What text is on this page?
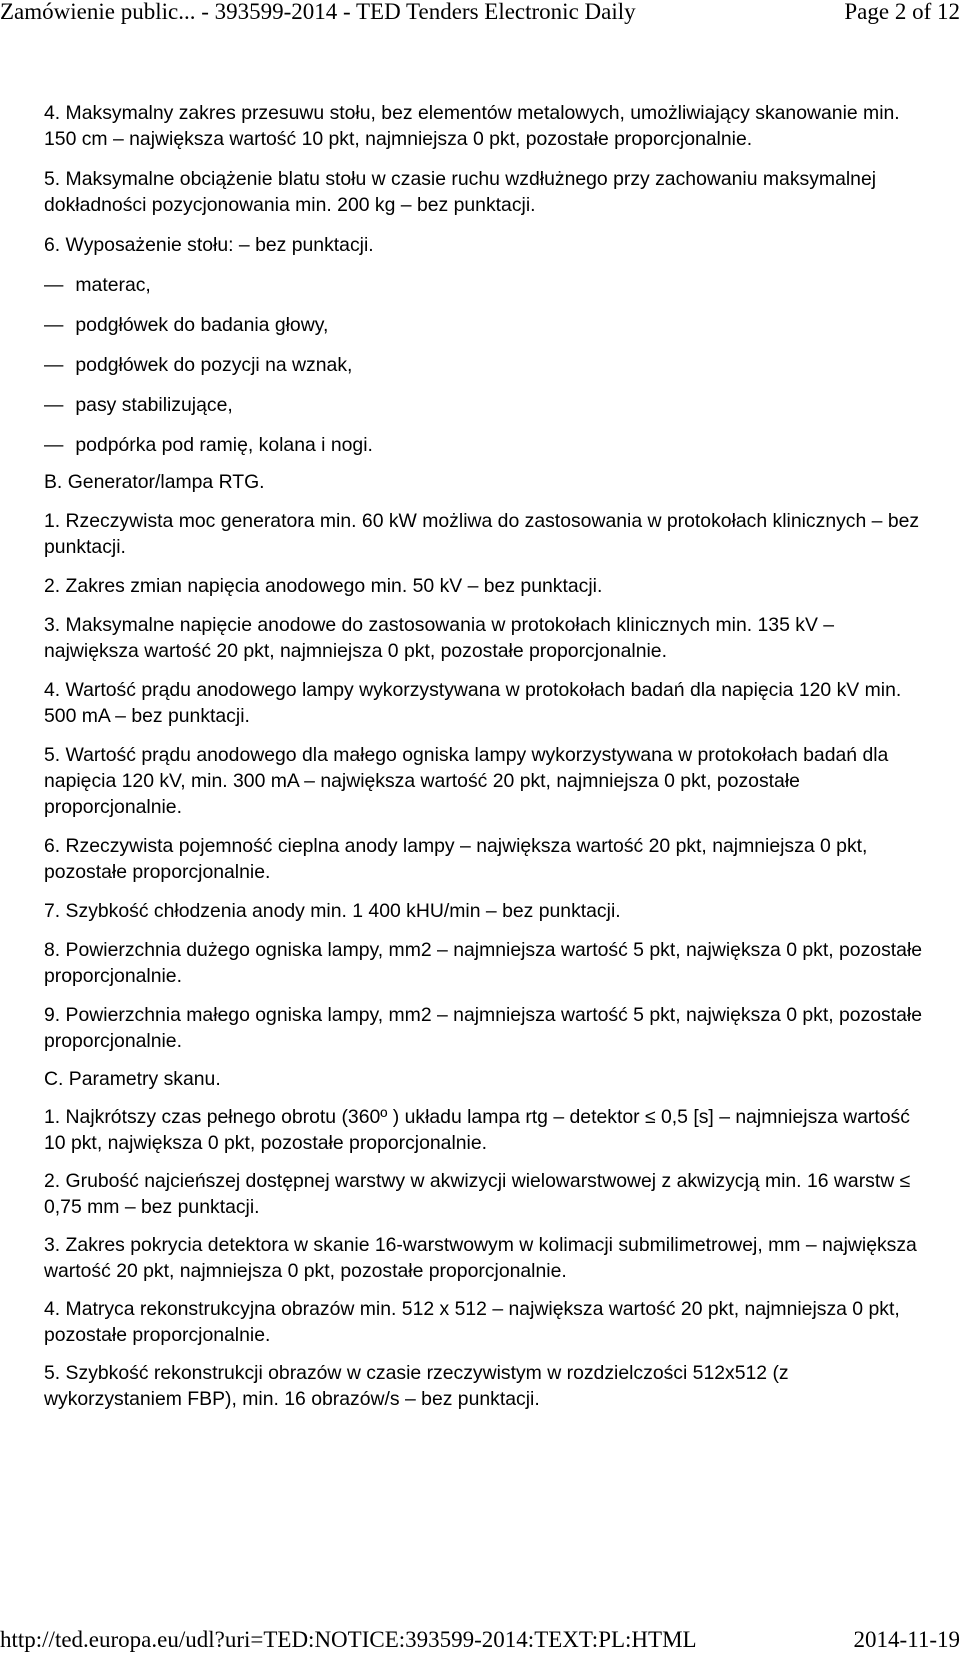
Zamówienie public... - 393599-2014 - TED Tenders Electronic Daily	Page 2 of 12

4. Maksymalny zakres przesuwu stołu, bez elementów metalowych, umożliwiający skanowanie min. 150 cm – największa wartość 10 pkt, najmniejsza 0 pkt, pozostałe proporcjonalnie.

5. Maksymalne obciążenie blatu stołu w czasie ruchu wzdłużnego przy zachowaniu maksymalnej dokładności pozycjonowania min. 200 kg – bez punktacji.

6. Wyposażenie stołu: – bez punktacji.

— materac,
— podgłówek do badania głowy,
— podgłówek do pozycji na wznak,
— pasy stabilizujące,
— podpórka pod ramię, kolana i nogi.

B. Generator/lampa RTG.

1. Rzeczywista moc generatora min. 60 kW możliwa do zastosowania w protokołach klinicznych – bez punktacji.

2. Zakres zmian napięcia anodowego min. 50 kV – bez punktacji.

3. Maksymalne napięcie anodowe do zastosowania w protokołach klinicznych min. 135 kV – największa wartość 20 pkt, najmniejsza 0 pkt, pozostałe proporcjonalnie.

4. Wartość prądu anodowego lampy wykorzystywana w protokołach badań dla napięcia 120 kV min. 500 mA – bez punktacji.

5. Wartość prądu anodowego dla małego ogniska lampy wykorzystywana w protokołach badań dla napięcia 120 kV, min. 300 mA – największa wartość 20 pkt, najmniejsza 0 pkt, pozostałe proporcjonalnie.

6. Rzeczywista pojemność cieplna anody lampy – największa wartość 20 pkt, najmniejsza 0 pkt, pozostałe proporcjonalnie.

7. Szybkość chłodzenia anody min. 1 400 kHU/min – bez punktacji.

8. Powierzchnia dużego ogniska lampy, mm2 – najmniejsza wartość 5 pkt, największa 0 pkt, pozostałe proporcjonalnie.

9. Powierzchnia małego ogniska lampy, mm2 – najmniejsza wartość 5 pkt, największa 0 pkt, pozostałe proporcjonalnie.

C. Parametry skanu.

1. Najkrótszy czas pełnego obrotu (360º ) układu lampa rtg – detektor ≤ 0,5 [s] – najmniejsza wartość 10 pkt, największa 0 pkt, pozostałe proporcjonalnie.

2. Grubość najcieńszej dostępnej warstwy w akwizycji wielowarstwowej z akwizycją min. 16 warstw ≤ 0,75 mm – bez punktacji.

3. Zakres pokrycia detektora w skanie 16-warstwowym w kolimacji submilimetrowej, mm – największa wartość 20 pkt, najmniejsza 0 pkt, pozostałe proporcjonalnie.

4. Matryca rekonstrukcyjna obrazów min. 512 x 512 – największa wartość 20 pkt, najmniejsza 0 pkt, pozostałe proporcjonalnie.

5. Szybkość rekonstrukcji obrazów w czasie rzeczywistym w rozdzielczości 512x512 (z wykorzystaniem FBP), min. 16 obrazów/s – bez punktacji.

http://ted.europa.eu/udl?uri=TED:NOTICE:393599-2014:TEXT:PL:HTML	2014-11-19
